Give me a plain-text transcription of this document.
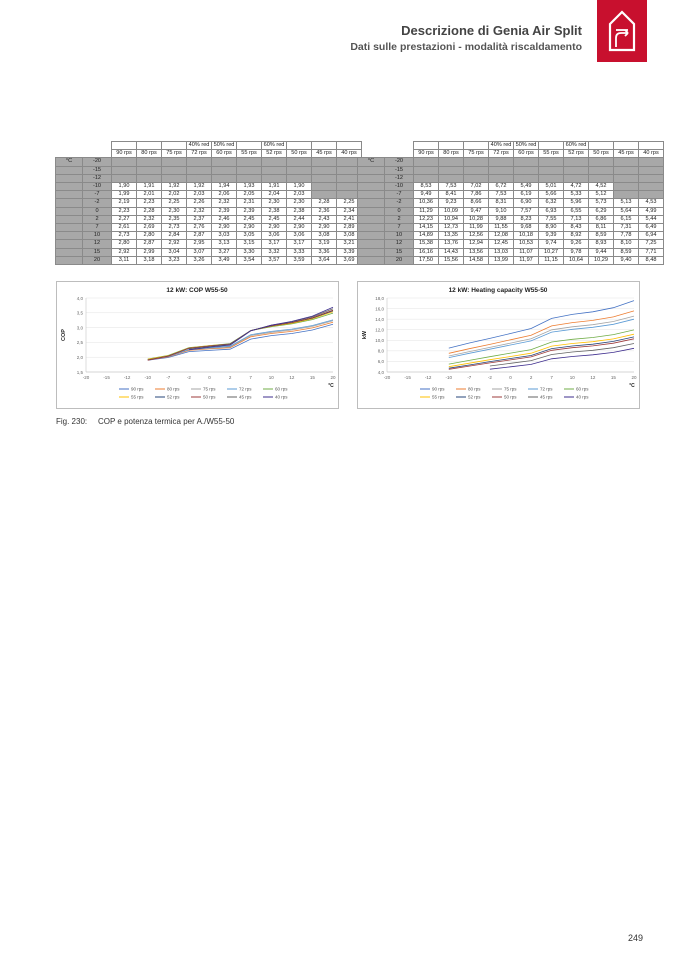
Descrizione di Genia Air Split
Dati sulle prestazioni - modalità riscaldamento
					40% red	50% red		60% red			
		90 rps	80 rps	75 rps	72 rps	60 rps	55 rps	52 rps	50 rps	45 rps	40 rps
°C	-20										
	-15										
	-12										
	-10	1,90	1,91	1,92	1,92	1,94	1,93	1,91	1,90		
	-7	1,99	2,01	2,02	2,03	2,06	2,05	2,04	2,03		
	-2	2,19	2,23	2,25	2,26	2,32	2,31	2,30	2,30	2,28	2,25
	0	2,23	2,28	2,30	2,32	2,39	2,39	2,38	2,38	2,36	2,34
	2	2,27	2,32	2,35	2,37	2,46	2,45	2,45	2,44	2,43	2,41
	7	2,61	2,69	2,73	2,76	2,90	2,90	2,90	2,90	2,90	2,89
	10	2,73	2,80	2,84	2,87	3,03	3,05	3,06	3,06	3,08	3,08
	12	2,80	2,87	2,92	2,95	3,13	3,15	3,17	3,17	3,19	3,21
	15	2,92	2,99	3,04	3,07	3,27	3,30	3,32	3,33	3,36	3,39
	20	3,11	3,18	3,23	3,26	3,49	3,54	3,57	3,59	3,64	3,69
					40% red	50% red		60% red			
		90 rps	80 rps	75 rps	72 rps	60 rps	55 rps	52 rps	50 rps	45 rps	40 rps
°C	-20										
	-15										
	-12										
	-10	8,53	7,53	7,02	6,72	5,49	5,01	4,72	4,52		
	-7	9,49	8,41	7,86	7,53	6,19	5,66	5,33	5,12		
	-2	10,36	9,23	8,66	8,31	6,90	6,32	5,96	5,73	5,13	4,53
	0	11,29	10,09	9,47	9,10	7,57	6,93	6,55	6,29	5,64	4,99
	2	12,23	10,94	10,28	9,88	8,23	7,55	7,13	6,86	6,15	5,44
	7	14,15	12,73	11,99	11,55	9,68	8,90	8,43	8,11	7,31	6,49
	10	14,89	13,35	12,56	12,08	10,18	9,39	8,92	8,59	7,78	6,94
	12	15,38	13,76	12,94	12,45	10,53	9,74	9,26	8,93	8,10	7,25
	15	16,16	14,43	13,56	13,03	11,07	10,27	9,78	9,44	8,59	7,71
	20	17,50	15,56	14,58	13,99	11,97	11,15	10,64	10,29	9,40	8,48
12 kW: COP W55-50
COP
4,0
3,5
3,0
2,5
2,0
1,5
-20	-15	-12	-10	-7	-2	0	2	7	10	12	15	20
°C
90 rps	80 rps	75 rps	72 rps	60 rps
55 rps	52 rps	50 rps	45 rps	40 rps
12 kW: Heating capacity W55-50
kW
18,0
16,0
14,0
12,0
10,0
8,0
6,0
4,0
-20	-15	-12	-10	-7	-2	0	2	7	10	12	15	20
°C
90 rps	80 rps	75 rps	72 rps	60 rps
55 rps	52 rps	50 rps	45 rps	40 rps
Fig. 230: COP e potenza termica per A./W55-50
249
